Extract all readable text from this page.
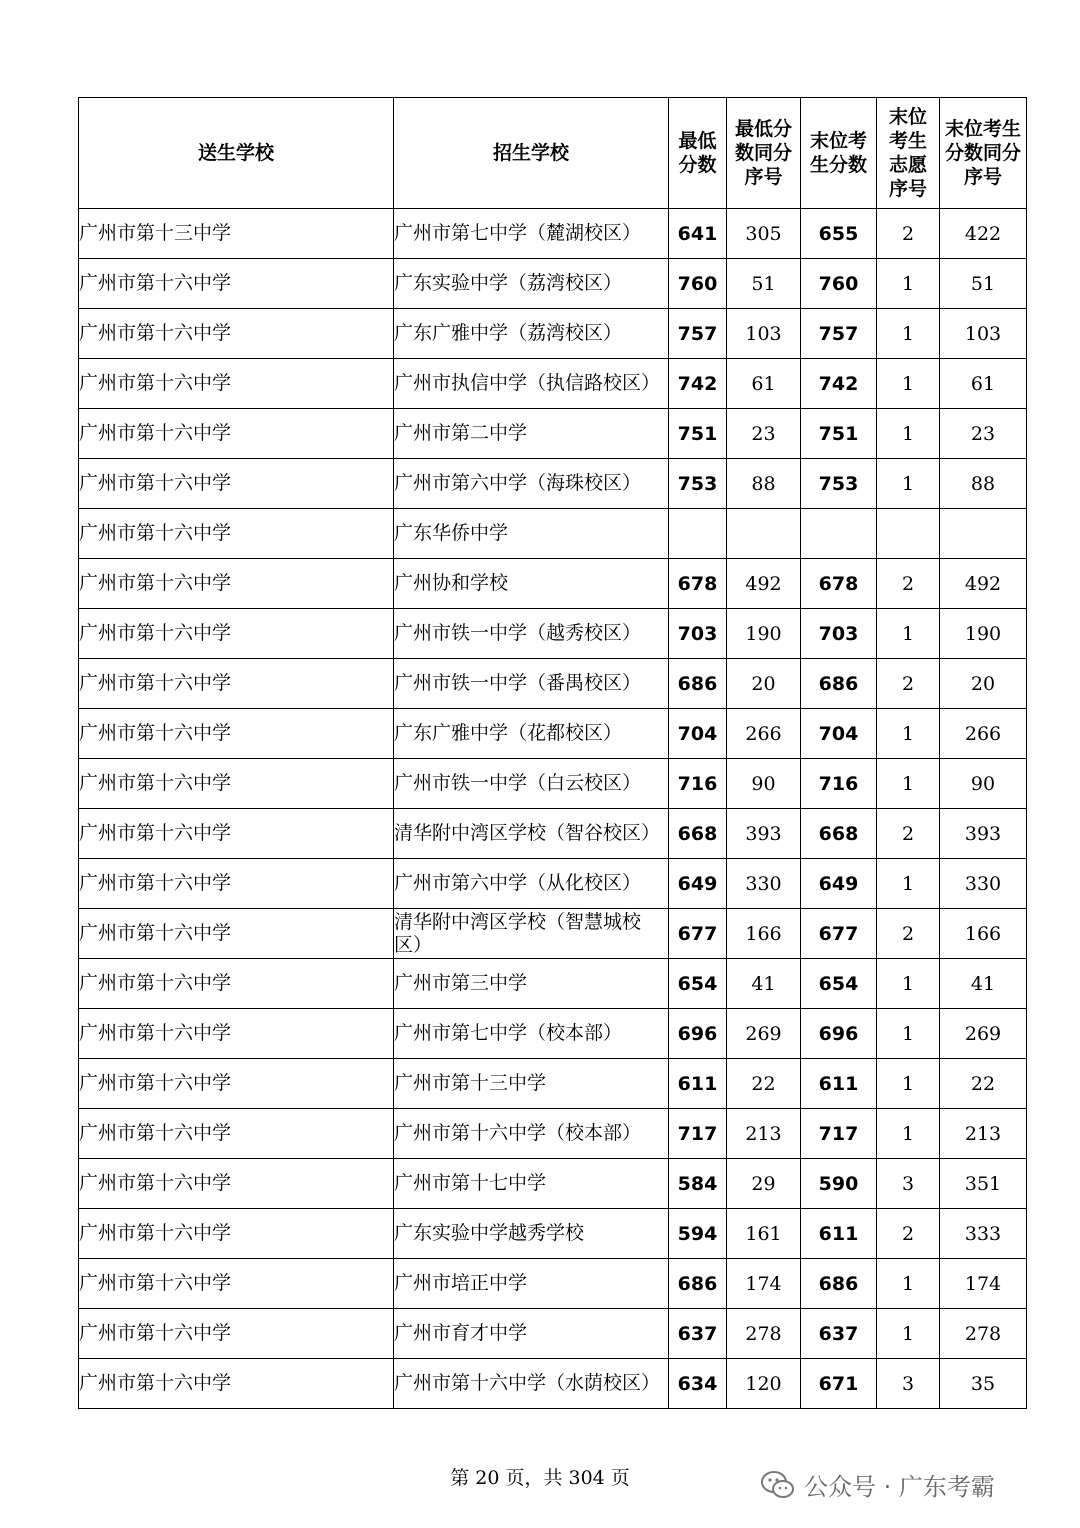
送生学校	招生学校	最低分数	最低分数同分序号	末位考生分数	末位考生志愿序号	末位考生分数同分序号
广州市第十三中学	广州市第七中学（麓湖校区）	641	305	655	2	422
广州市第十六中学	广东实验中学（荔湾校区）	760	51	760	1	51
广州市第十六中学	广东广雅中学（荔湾校区）	757	103	757	1	103
广州市第十六中学	广州市执信中学（执信路校区）	742	61	742	1	61
广州市第十六中学	广州市第二中学	751	23	751	1	23
广州市第十六中学	广州市第六中学（海珠校区）	753	88	753	1	88
广州市第十六中学	广东华侨中学					
广州市第十六中学	广州协和学校	678	492	678	2	492
广州市第十六中学	广州市铁一中学（越秀校区）	703	190	703	1	190
广州市第十六中学	广州市铁一中学（番禺校区）	686	20	686	2	20
广州市第十六中学	广东广雅中学（花都校区）	704	266	704	1	266
广州市第十六中学	广州市铁一中学（白云校区）	716	90	716	1	90
广州市第十六中学	清华附中湾区学校（智谷校区）	668	393	668	2	393
广州市第十六中学	广州市第六中学（从化校区）	649	330	649	1	330
广州市第十六中学	清华附中湾区学校（智慧城校区）	677	166	677	2	166
广州市第十六中学	广州市第三中学	654	41	654	1	41
广州市第十六中学	广州市第七中学（校本部）	696	269	696	1	269
广州市第十六中学	广州市第十三中学	611	22	611	1	22
广州市第十六中学	广州市第十六中学（校本部）	717	213	717	1	213
广州市第十六中学	广州市第十七中学	584	29	590	3	351
广州市第十六中学	广东实验中学越秀学校	594	161	611	2	333
广州市第十六中学	广州市培正中学	686	174	686	1	174
广州市第十六中学	广州市育才中学	637	278	637	1	278
广州市第十六中学	广州市第十六中学（水荫校区）	634	120	671	3	35
第 20 页，共 304 页	公众号 · 广东考霸
